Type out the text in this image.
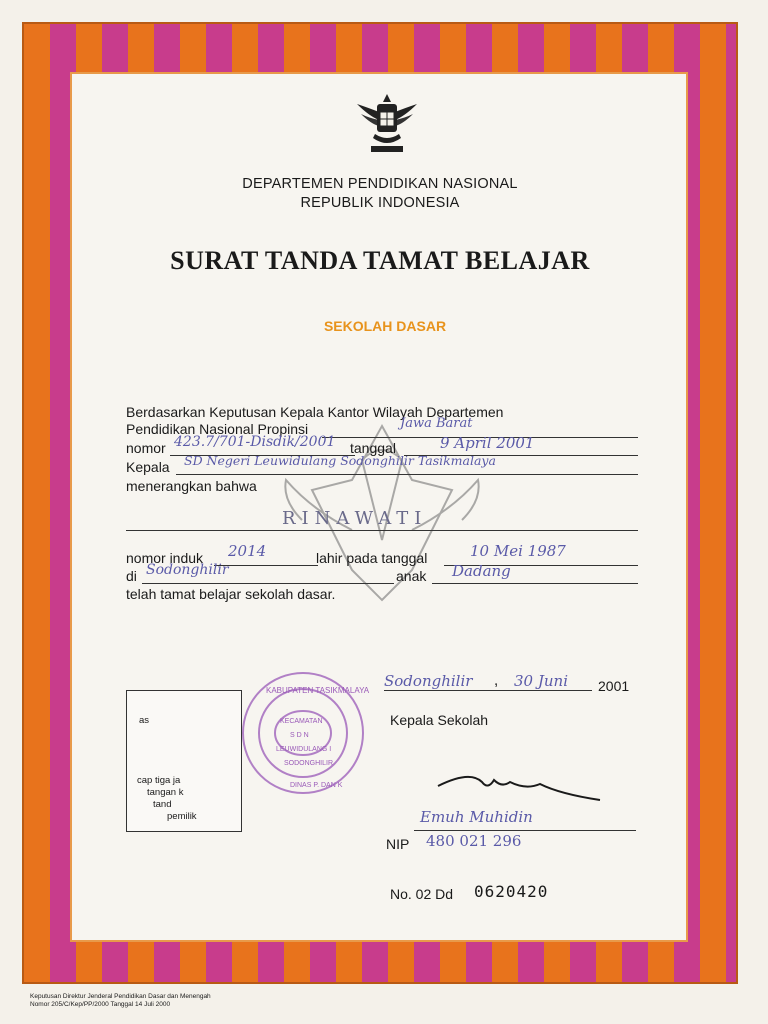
DEPARTEMEN PENDIDIKAN NASIONAL
REPUBLIK INDONESIA
SURAT TANDA TAMAT BELAJAR
SEKOLAH DASAR
Berdasarkan Keputusan Kepala Kantor Wilayah Departemen
Pendidikan Nasional Propinsi	Jawa Barat
nomor 423.7/701-Disdik/2001 tanggal	9 April 2001
Kepala SD Negeri Leuwidulang Sodonghilir Tasikmalaya
menerangkan bahwa
RINAWATI
nomor induk 2014	lahir pada tanggal	10 Mei 1987
di Sodonghilir	anak Dadang
telah tamat belajar sekolah dasar.
as
cap tiga ja
tangan k
tand
pemilik
KABUPATEN TASIKMALAYA
KECAMATAN
S D N
LEUWIDULANG I
SODONGHILIR
DINAS P. DAN K
Sodonghilir , 30 Juni 2001
Kepala Sekolah
Emuh Muhidin
NIP 480 021 296
No. 02 Dd 0620420
Keputusan Direktur Jenderal Pendidikan Dasar dan Menengah
Nomor 205/C/Kep/PP/2000 Tanggal 14 Juli 2000
